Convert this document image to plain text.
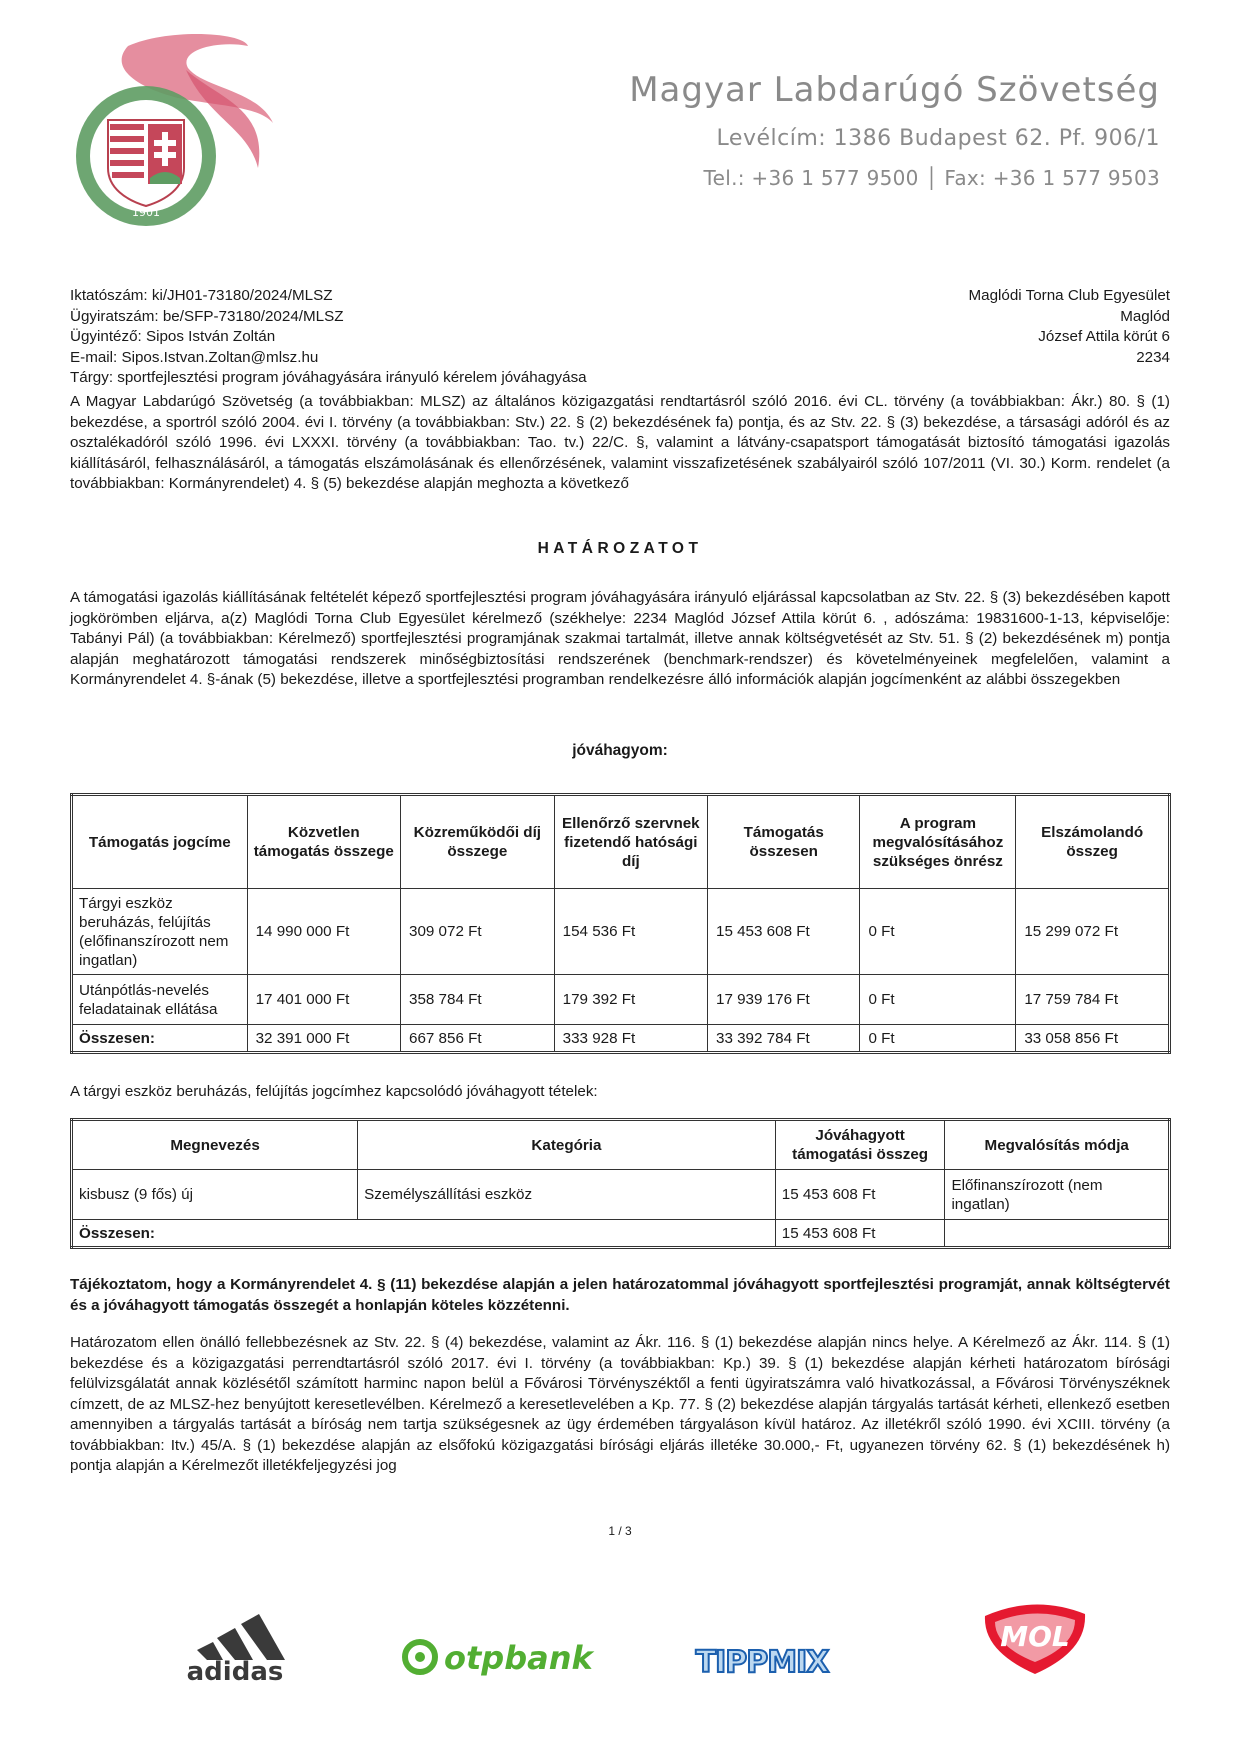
1901
Magyar Labdarúgó Szövetség
Levélcím: 1386 Budapest 62. Pf. 906/1
Tel.: +36 1 577 9500 │ Fax: +36 1 577 9503
Iktatószám: ki/JH01-73180/2024/MLSZ
Ügyiratszám: be/SFP-73180/2024/MLSZ
Ügyintéző: Sipos István Zoltán
E-mail: Sipos.Istvan.Zoltan@mlsz.hu
Tárgy: sportfejlesztési program jóváhagyására irányuló kérelem jóváhagyása
Maglódi Torna Club Egyesület
Maglód
József Attila körút 6
2234

A Magyar Labdarúgó Szövetség (a továbbiakban: MLSZ) az általános közigazgatási rendtartásról szóló 2016. évi CL. törvény (a továbbiakban: Ákr.) 80. § (1) bekezdése, a sportról szóló 2004. évi I. törvény (a továbbiakban: Stv.) 22. § (2) bekezdésének fa) pontja, és az Stv. 22. § (3) bekezdése, a társasági adóról és az osztalékadóról szóló 1996. évi LXXXI. törvény (a továbbiakban: Tao. tv.) 22/C. §, valamint a látvány-csapatsport támogatását biztosító támogatási igazolás kiállításáról, felhasználásáról, a támogatás elszámolásának és ellenőrzésének, valamint visszafizetésének szabályairól szóló 107/2011 (VI. 30.) Korm. rendelet (a továbbiakban: Kormányrendelet) 4. § (5) bekezdése alapján meghozta a következő

HATÁROZATOT

A támogatási igazolás kiállításának feltételét képező sportfejlesztési program jóváhagyására irányuló eljárással kapcsolatban az Stv. 22. § (3) bekezdésében kapott jogkörömben eljárva, a(z) Maglódi Torna Club Egyesület kérelmező (székhelye: 2234 Maglód József Attila körút 6. , adószáma: 19831600-1-13, képviselője: Tabányi Pál) (a továbbiakban: Kérelmező) sportfejlesztési programjának szakmai tartalmát, illetve annak költségvetését az Stv. 51. § (2) bekezdésének m) pontja alapján meghatározott támogatási rendszerek minőségbiztosítási rendszerének (benchmark-rendszer) és követelményeinek megfelelően, valamint a Kormányrendelet 4. §-ának (5) bekezdése, illetve a sportfejlesztési programban rendelkezésre álló információk alapján jogcímenként az alábbi összegekben

jóváhagyom:
Támogatás jogcíme	Közvetlen támogatás összege	Közreműködői díj összege	Ellenőrző szervnek fizetendő hatósági díj	Támogatás összesen	A program megvalósításához szükséges önrész	Elszámolandó összeg
Tárgyi eszköz beruházás, felújítás (előfinanszírozott nem ingatlan)	14 990 000 Ft	309 072 Ft	154 536 Ft	15 453 608 Ft	0 Ft	15 299 072 Ft
Utánpótlás-nevelés feladatainak ellátása	17 401 000 Ft	358 784 Ft	179 392 Ft	17 939 176 Ft	0 Ft	17 759 784 Ft
Összesen:	32 391 000 Ft	667 856 Ft	333 928 Ft	33 392 784 Ft	0 Ft	33 058 856 Ft

A tárgyi eszköz beruházás, felújítás jogcímhez kapcsolódó jóváhagyott tételek:

Megnevezés	Kategória	Jóváhagyott támogatási összeg	Megvalósítás módja
kisbusz (9 fős) új	Személyszállítási eszköz	15 453 608 Ft	Előfinanszírozott (nem ingatlan)
Összesen:		15 453 608 Ft	

Tájékoztatom, hogy a Kormányrendelet 4. § (11) bekezdése alapján a jelen határozatommal jóváhagyott sportfejlesztési programját, annak költségtervét és a jóváhagyott támogatás összegét a honlapján köteles közzétenni.

Határozatom ellen önálló fellebbezésnek az Stv. 22. § (4) bekezdése, valamint az Ákr. 116. § (1) bekezdése alapján nincs helye. A Kérelmező az Ákr. 114. § (1) bekezdése és a közigazgatási perrendtartásról szóló 2017. évi I. törvény (a továbbiakban: Kp.) 39. § (1) bekezdése alapján kérheti határozatom bírósági felülvizsgálatát annak közlésétől számított harminc napon belül a Fővárosi Törvényszéktől a fenti ügyiratszámra való hivatkozással, a Fővárosi Törvényszéknek címzett, de az MLSZ-hez benyújtott keresetlevélben. Kérelmező a keresetlevelében a Kp. 77. § (2) bekezdése alapján tárgyalás tartását kérheti, ellenkező esetben amennyiben a tárgyalás tartását a bíróság nem tartja szükségesnek az ügy érdemében tárgyaláson kívül határoz. Az illetékről szóló 1990. évi XCIII. törvény (a továbbiakban: Itv.) 45/A. § (1) bekezdése alapján az elsőfokú közigazgatási bírósági eljárás illetéke 30.000,- Ft, ugyanezen törvény 62. § (1) bekezdésének h) pontja alapján a Kérelmezőt illetékfeljegyzési jog

1 / 3
adidas	otpbank	TIPPMIX
MOL
